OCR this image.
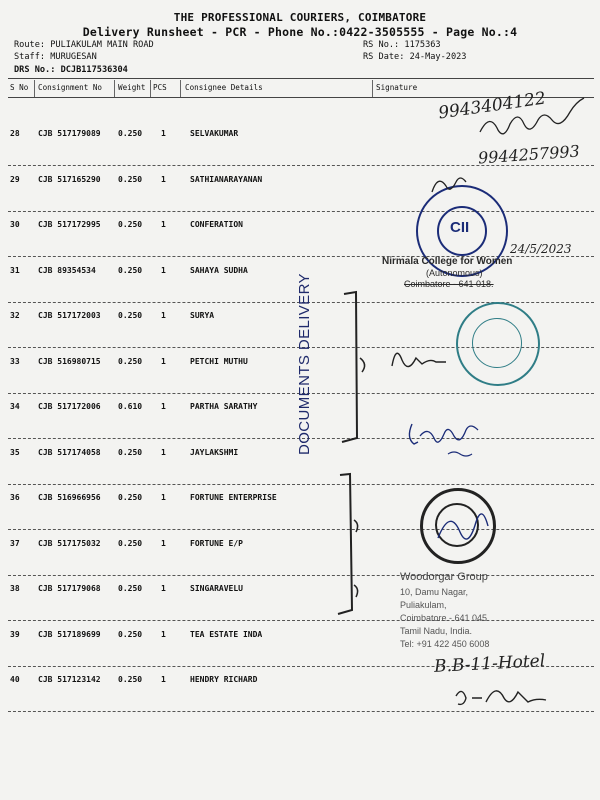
THE PROFESSIONAL COURIERS, COIMBATORE
Delivery Runsheet - PCR - Phone No.:0422-3505555 - Page No.:4
Route: PULIAKULAM MAIN ROAD
Staff: MURUGESAN
DRS No.: DCJB117536304
RS No.: 1175363
RS Date: 24-May-2023
S No Consignment No Weight PCS Consignee Details	Signature
28 CJB 517179089 0.250 1	SELVAKUMAR
29 CJB 517165290 0.250 1	SATHIANARAYANAN
30 CJB 517172995 0.250 1	CONFERATION
31 CJB 89354534	0.250 1	SAHAYA SUDHA
32 CJB 517172003 0.250 1	SURYA
33 CJB 516980715 0.250 1	PETCHI MUTHU
34 CJB 517172006 0.610 1	PARTHA SARATHY
35 CJB 517174058 0.250 1	JAYLAKSHMI
36 CJB 516966956 0.250 1	FORTUNE ENTERPRISE
37 CJB 517175032 0.250 1	FORTUNE E/P
38 CJB 517179068 0.250 1	SINGARAVELU
39 CJB 517189699 0.250 1	TEA ESTATE INDA
40 CJB 517123142 0.250 1	HENDRY RICHARD
DOCUMENTS DELIVERY
9943404122
9944257993
CII
Nirmala College for Women
(Autonomous)
Coimbatore - 641 018.
24/5/2023
Woodorgar Group
10, Damu Nagar,
Puliakulam,
Coimbatore - 641 045
Tamil Nadu, India.
Tel: +91 422 450 6008
B.B-11-Hotel
